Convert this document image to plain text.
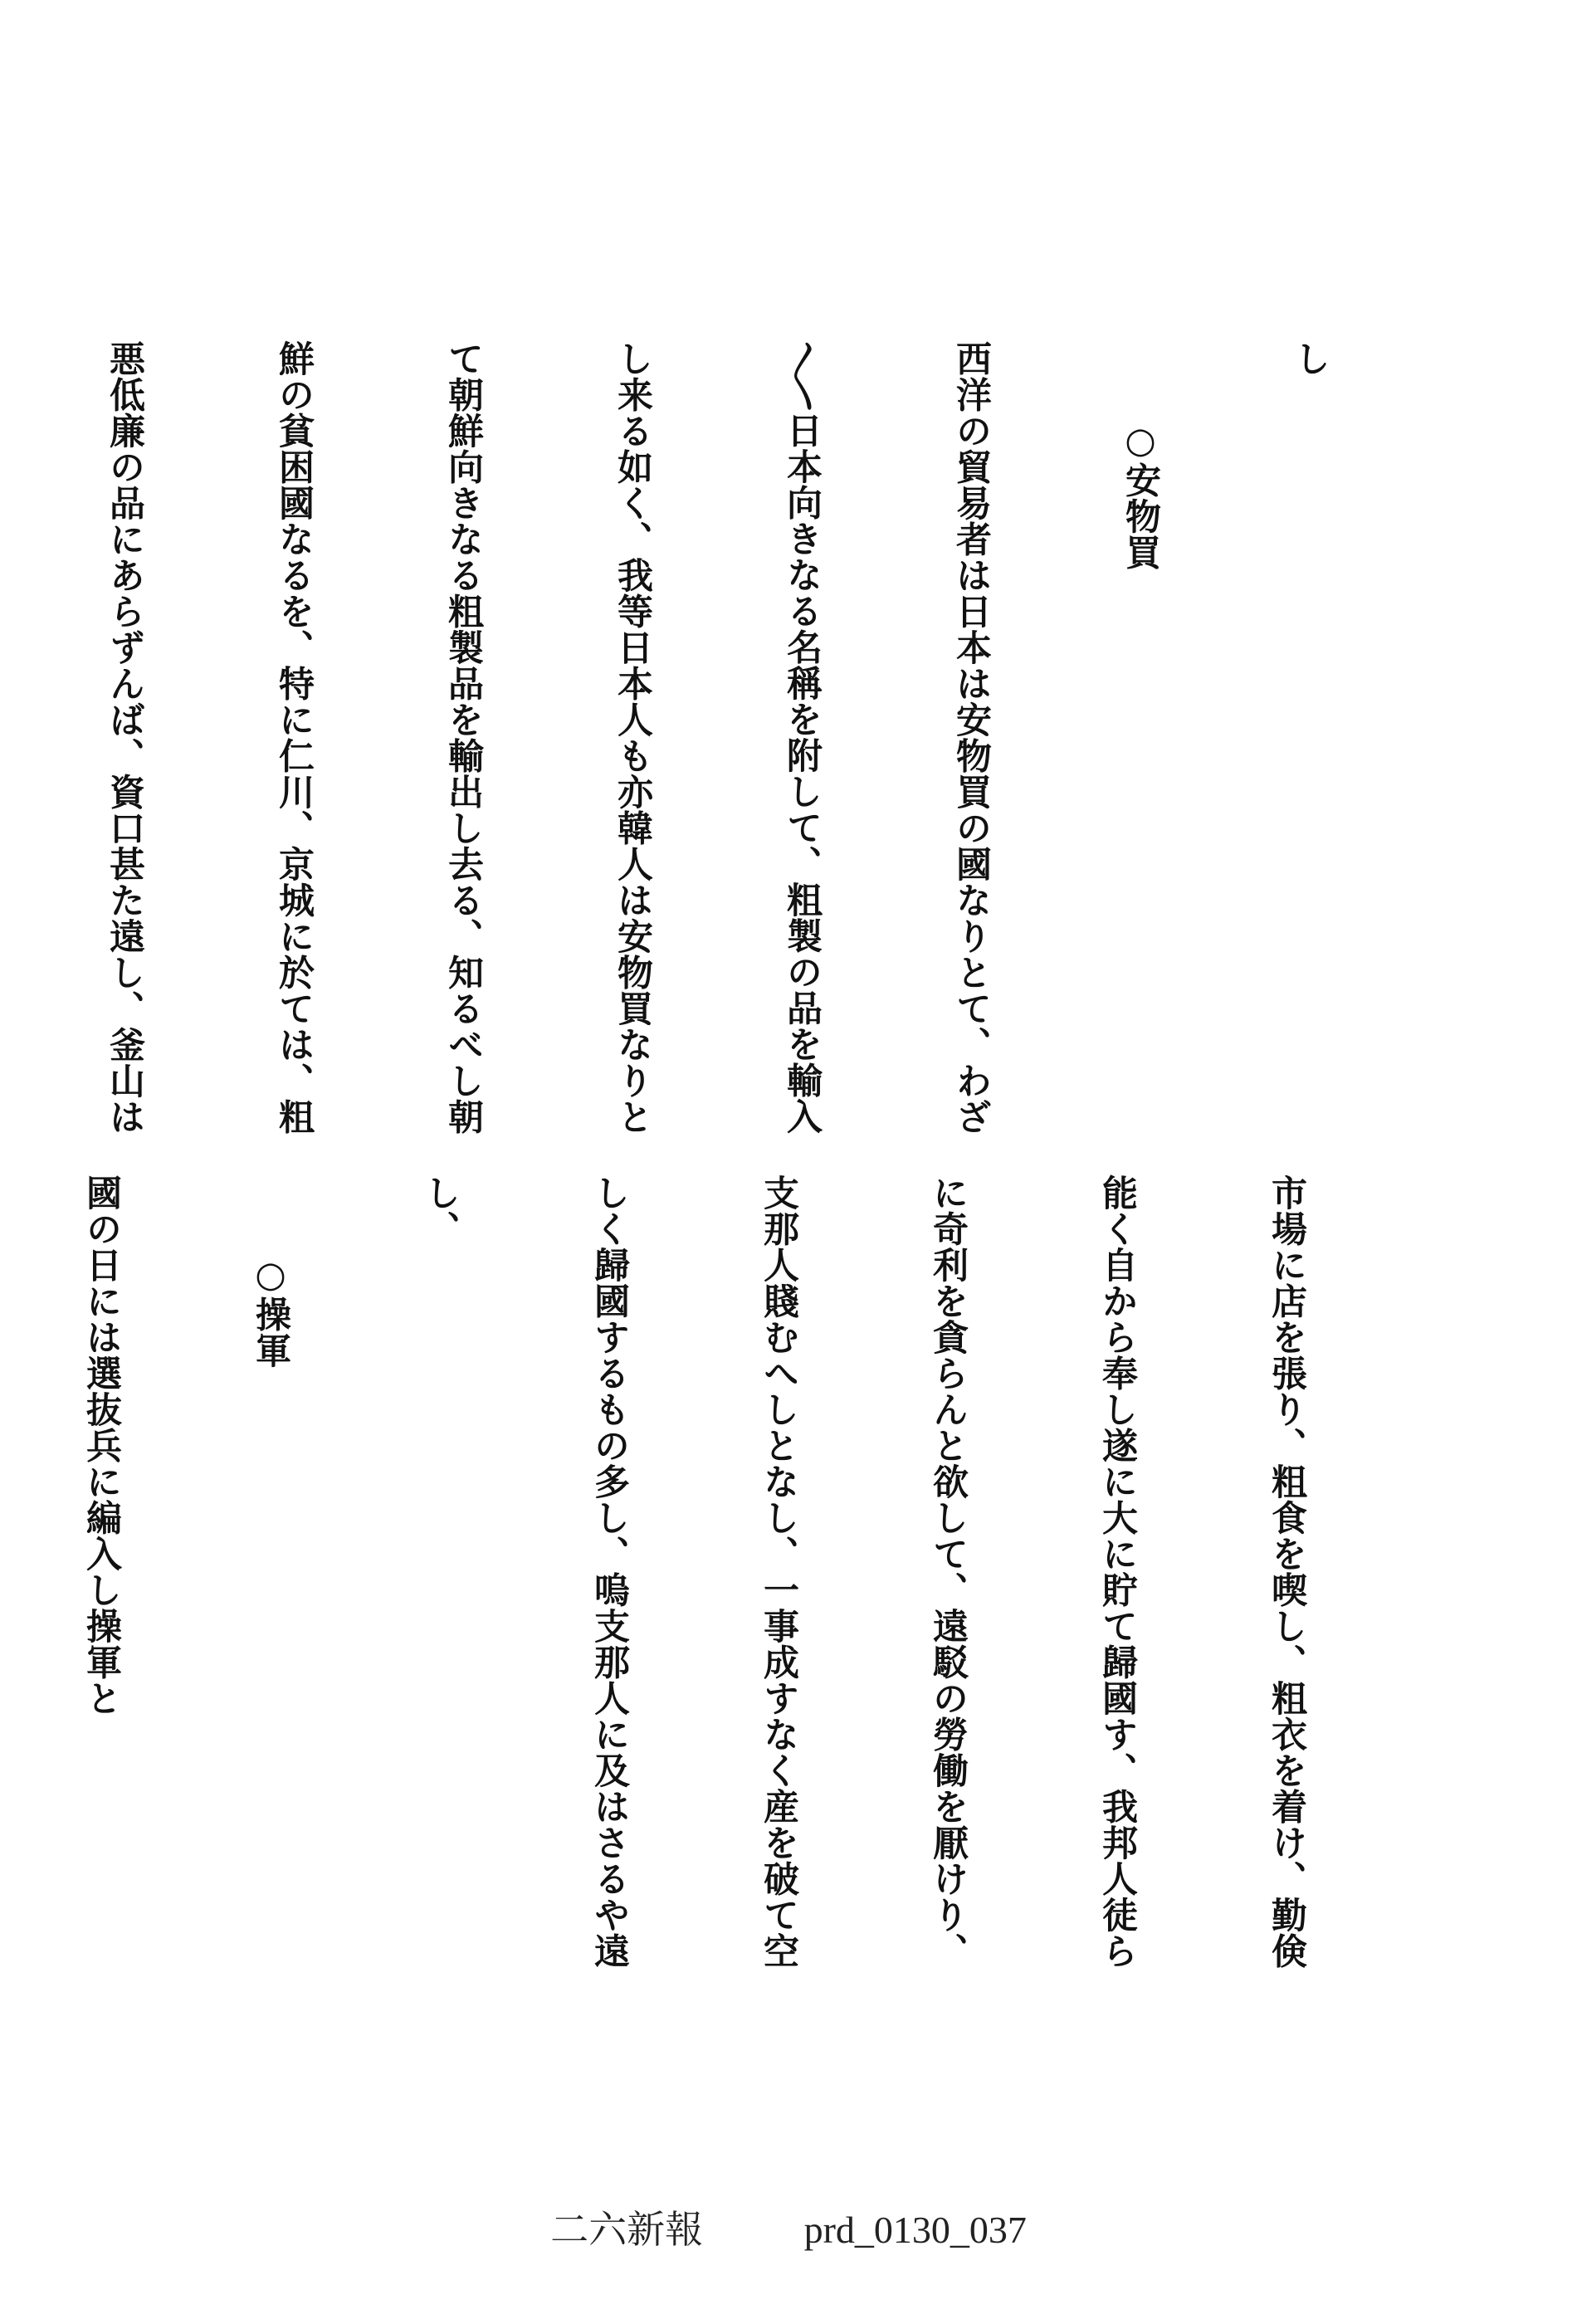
し

○安物買

西洋の貿易者は日本は安物買の國なりとて、わざ

〳〵日本向きなる名稱を附して、粗製の品を輸入

し来る如く、我等日本人も亦韓人は安物買なりと

て朝鮮向きなる粗製品を輸出し去る、知るべし朝

鮮の貧困國なるを、特に仁川、京城に於ては、粗

悪低廉の品にあらずんば、資口甚た遠し、釜山は

市場に店を張り、粗食を喫し、粗衣を着け、勤倹

能く自から奉し遂に大に貯て歸國す、我邦人徒ら

に奇利を貪らんと欲して、遠駁の勞働を厭けり、

支那人賤むへしとなし、一事成すなく産を破て空

しく歸國するもの多し、嗚支那人に及はさるや遠

し、

○操軍

國の日には選抜兵に編入し操軍と

二六新報	prd_0130_037
